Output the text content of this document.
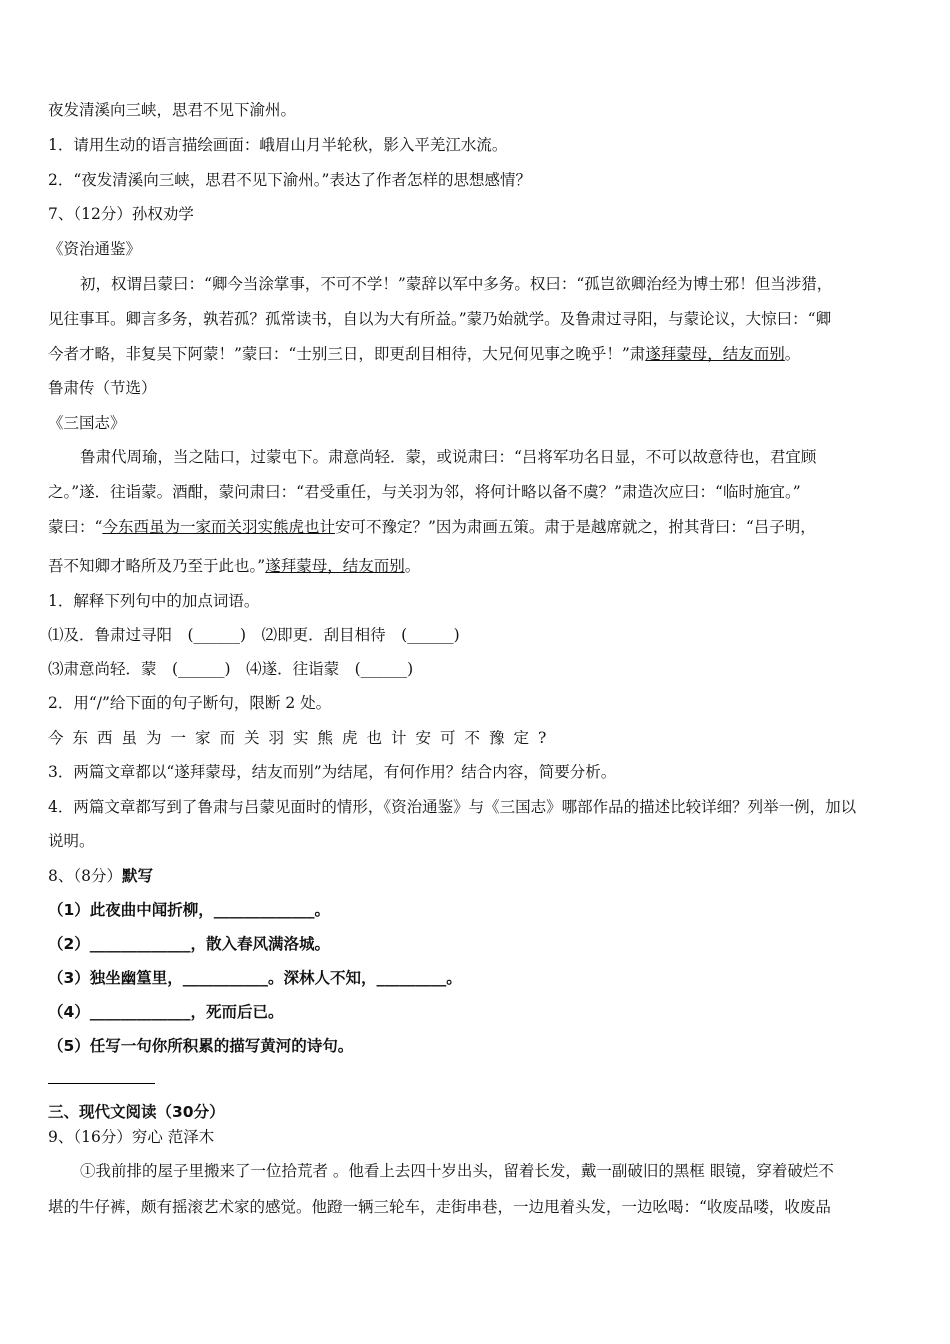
夜发清溪向三峡，思君不见下渝州。
1．请用生动的语言描绘画面：峨眉山月半轮秋，影入平羌江水流。
2．“夜发清溪向三峡，思君不见下渝州。”表达了作者怎样的思想感情？
7、（12分）孙权劝学
《资治通鉴》
初，权谓吕蒙曰：“卿今当涂掌事，不可不学！”蒙辞以军中多务。权曰：“孤岂欲卿治经为博士邪！但当涉猎，
见往事耳。卿言多务，孰若孤？孤常读书，自以为大有所益。”蒙乃始就学。及鲁肃过寻阳，与蒙论议，大惊曰：“卿
今者才略，非复吴下阿蒙！”蒙曰：“士别三日，即更刮目相待，大兄何见事之晚乎！”肃遂拜蒙母，结友而别。
鲁肃传（节选）
《三国志》
鲁肃代周瑜，当之陆口，过蒙屯下。肃意尚轻．蒙，或说肃曰：“吕将军功名日显，不可以故意待也，君宜顾
之。”遂．往诣蒙。酒酣，蒙问肃曰：“君受重任，与关羽为邻，将何计略以备不虞？”肃造次应曰：“临时施宜。”
蒙曰：“今东西虽为一家而关羽实熊虎也计安可不豫定？”因为肃画五策。肃于是越席就之，拊其背曰：“吕子明，
吾不知卿才略所及乃至于此也。”遂拜蒙母，结友而别。
1．解释下列句中的加点词语。
⑴及．鲁肃过寻阳　(______)　⑵即更．刮目相待　(______)
⑶肃意尚轻．蒙　(______)　⑷遂．往诣蒙　(______)
2．用“/”给下面的句子断句，限断 2 处。
今东西虽为一家而关羽实熊虎也计安可不豫定?
3．两篇文章都以“遂拜蒙母，结友而别”为结尾，有何作用？结合内容，简要分析。
4．两篇文章都写到了鲁肃与吕蒙见面时的情形，《资治通鉴》与《三国志》哪部作品的描述比较详细？列举一例，加以
说明。
8、（8分）默写
（1）此夜曲中闻折柳，_____________。
（2）_____________，散入春风满洛城。
（3）独坐幽篁里，___________。深林人不知，_________。
（4）_____________，死而后已。
（5）任写一句你所积累的描写黄河的诗句。
三、现代文阅读（30分）
9、（16分）穷心 范泽木
①我前排的屋子里搬来了一位拾荒者 。他看上去四十岁出头，留着长发，戴一副破旧的黑框 眼镜，穿着破烂不
堪的牛仔裤，颇有摇滚艺术家的感觉。他蹬一辆三轮车，走街串巷，一边甩着头发，一边吆喝：“收废品喽，收废品
